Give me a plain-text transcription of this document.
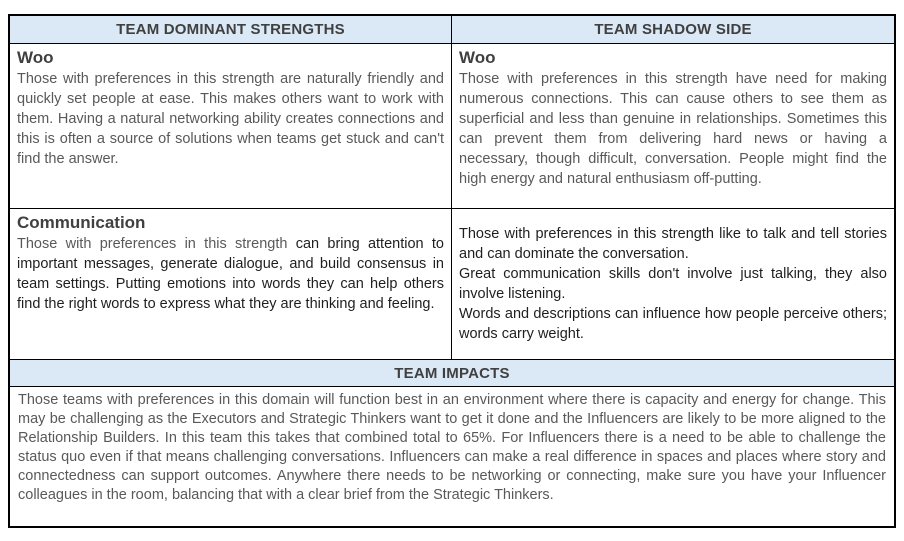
TEAM DOMINANT STRENGTHS	TEAM SHADOW SIDE
Woo

Those with preferences in this strength are naturally friendly and quickly set people at ease. This makes others want to work with them. Having a natural networking ability creates connections and this is often a source of solutions when teams get stuck and can't find the answer.

Woo

Those with preferences in this strength have need for making numerous connections. This can cause others to see them as superficial and less than genuine in relationships. Sometimes this can prevent them from delivering hard news or having a necessary, though difficult, conversation. People might find the high energy and natural enthusiasm off-putting.

Communication

Those with preferences in this strength can bring attention to important messages, generate dialogue, and build consensus in team settings. Putting emotions into words they can help others find the right words to express what they are thinking and feeling.

Those with preferences in this strength like to talk and tell stories and can dominate the conversation.

Great communication skills don't involve just talking, they also involve listening.

Words and descriptions can influence how people perceive others; words carry weight.

TEAM IMPACTS
Those teams with preferences in this domain will function best in an environment where there is capacity and energy for change. This may be challenging as the Executors and Strategic Thinkers want to get it done and the Influencers are likely to be more aligned to the Relationship Builders. In this team this takes that combined total to 65%. For Influencers there is a need to be able to challenge the status quo even if that means challenging conversations. Influencers can make a real difference in spaces and places where story and connectedness can support outcomes. Anywhere there needs to be networking or connecting, make sure you have your Influencer colleagues in the room, balancing that with a clear brief from the Strategic Thinkers.
